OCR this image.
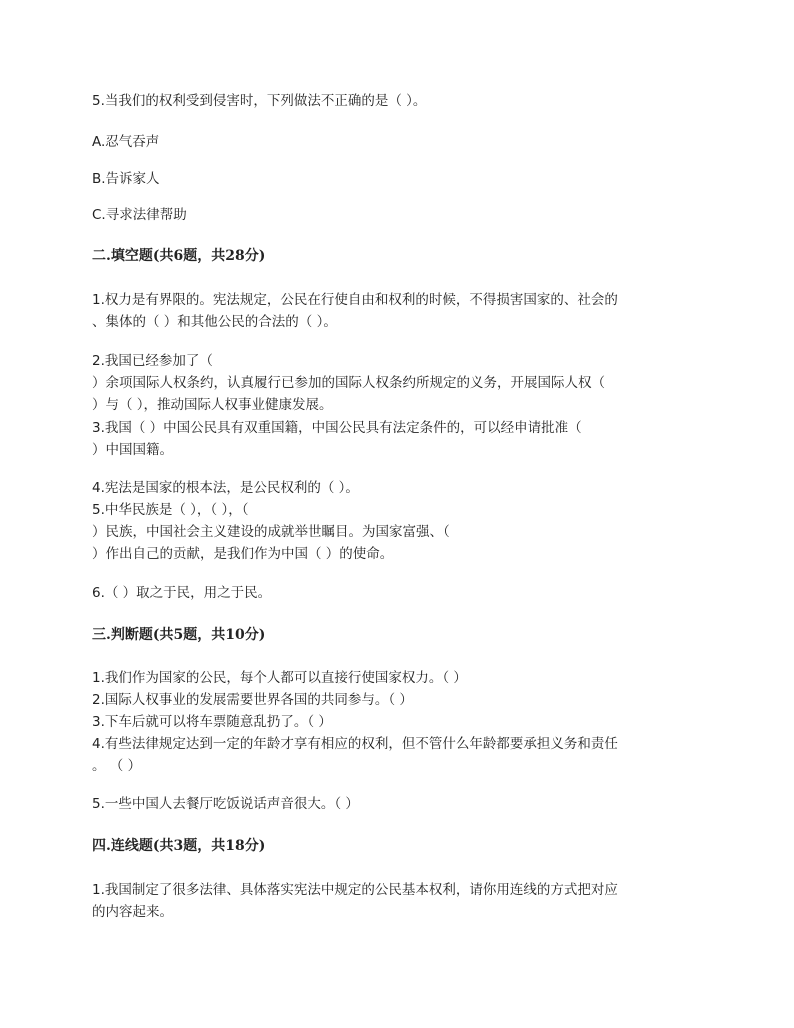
5.当我们的权利受到侵害时，下列做法不正确的是（ ）。
A.忍气吞声
B.告诉家人
C.寻求法律帮助
二.填空题(共6题，共28分)
1.权力是有界限的。宪法规定，公民在行使自由和权利的时候，不得损害国家的、社会的
、集体的（ ）和其他公民的合法的（ ）。
2.我国已经参加了（
）余项国际人权条约，认真履行已参加的国际人权条约所规定的义务，开展国际人权（
）与（ ），推动国际人权事业健康发展。
3.我国（ ）中国公民具有双重国籍，中国公民具有法定条件的，可以经申请批准（
）中国国籍。
4.宪法是国家的根本法，是公民权利的（ ）。
5.中华民族是（ ），（ ），（
）民族，中国社会主义建设的成就举世瞩目。为国家富强、（
）作出自己的贡献，是我们作为中国（ ）的使命。
6.（ ）取之于民，用之于民。
三.判断题(共5题，共10分)
1.我们作为国家的公民，每个人都可以直接行使国家权力。（ ）
2.国际人权事业的发展需要世界各国的共同参与。（ ）
3.下车后就可以将车票随意乱扔了。（ ）
4.有些法律规定达到一定的年龄才享有相应的权利，但不管什么年龄都要承担义务和责任
。 （ ）
5.一些中国人去餐厅吃饭说话声音很大。（ ）
四.连线题(共3题，共18分)
1.我国制定了很多法律、具体落实宪法中规定的公民基本权利，请你用连线的方式把对应
的内容起来。
